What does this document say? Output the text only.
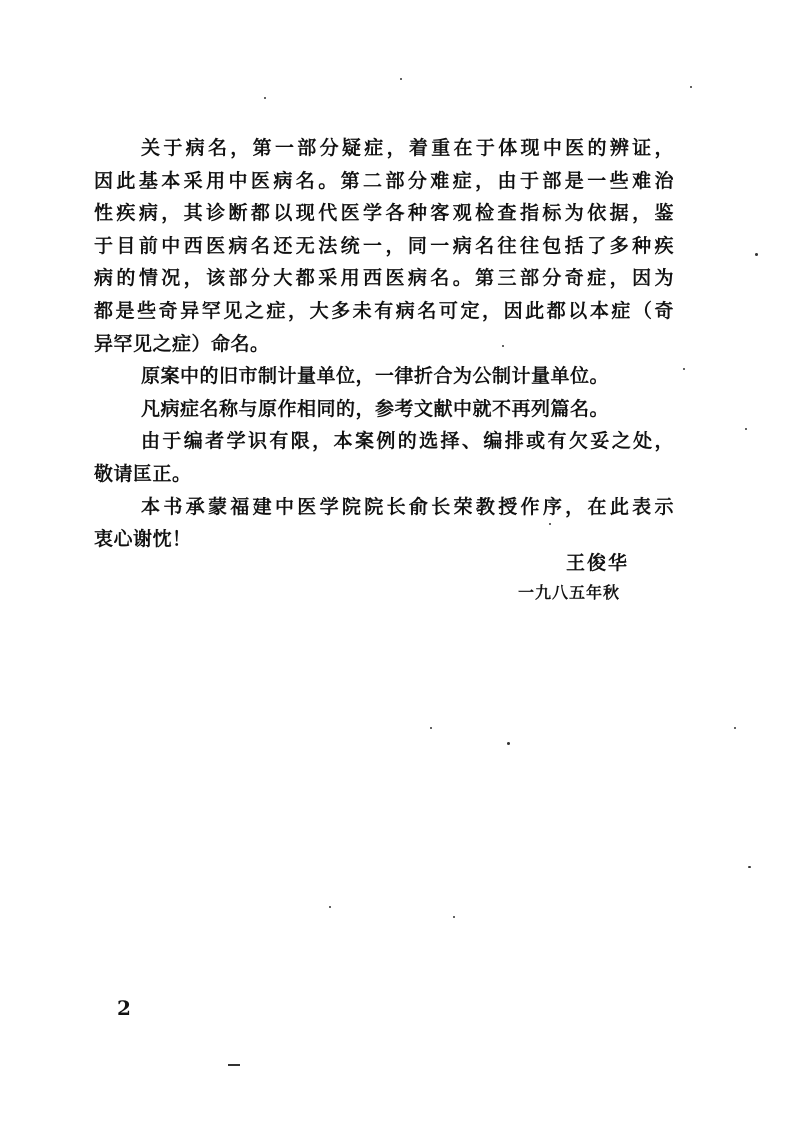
关于病名，第一部分疑症，着重在于体现中医的辨证，
因此基本采用中医病名。第二部分难症，由于部是一些难治
性疾病，其诊断都以现代医学各种客观检查指标为依据，鉴
于目前中西医病名还无法统一，同一病名往往包括了多种疾
病的情况，该部分大都采用西医病名。第三部分奇症，因为
都是些奇异罕见之症，大多未有病名可定，因此都以本症（奇
异罕见之症）命名。
原案中的旧市制计量单位，一律折合为公制计量单位。
凡病症名称与原作相同的，参考文献中就不再列篇名。
由于编者学识有限，本案例的选择、编排或有欠妥之处，
敬请匡正。
本书承蒙福建中医学院院长俞长荣教授作序，在此表示
衷心谢忱！
王俊华
一九八五年秋
2
